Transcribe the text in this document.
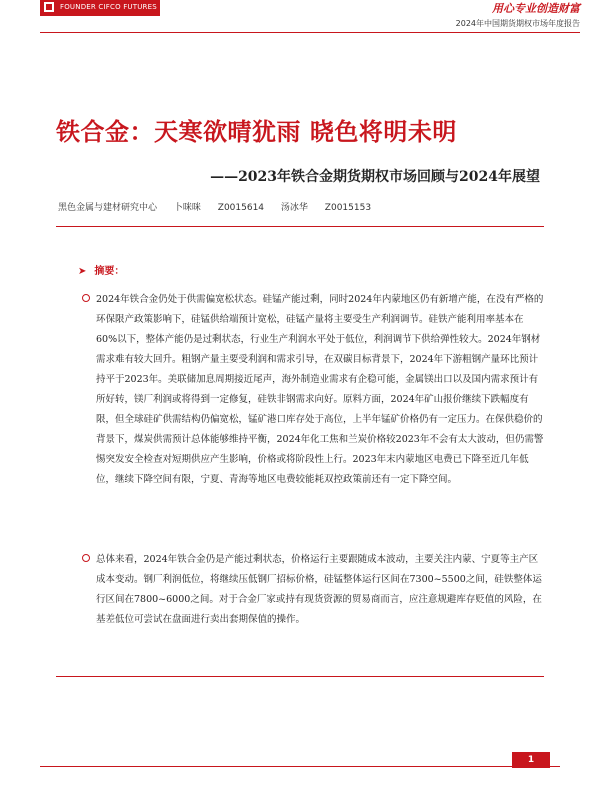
FOUNDER CIFCO FUTURES	用心专业创造财富
2024年中国期货期权市场年度报告
铁合金：天寒欲晴犹雨 晓色将明未明
——2023年铁合金期货期权市场回顾与2024年展望
黑色金属与建材研究中心 卜咪咪 Z0015614 汤冰华 Z0015153
➤ 摘要：
2024年铁合金仍处于供需偏宽松状态。硅锰产能过剩，同时2024年内蒙地区仍有新增产能，在没有严格的环保限产政策影响下，硅锰供给端预计宽松，硅锰产量将主要受生产利润调节。硅铁产能利用率基本在60%以下，整体产能仍是过剩状态，行业生产利润水平处于低位，利润调节下供给弹性较大。2024年钢材需求难有较大回升。粗钢产量主要受利润和需求引导，在双碳目标背景下，2024年下游粗钢产量环比预计持平于2023年。美联储加息周期接近尾声，海外制造业需求有企稳可能，金属镁出口以及国内需求预计有所好转，镁厂利润或将得到一定修复，硅铁非钢需求向好。原料方面，2024年矿山报价继续下跌幅度有限，但全球硅矿供需结构仍偏宽松，锰矿港口库存处于高位，上半年锰矿价格仍有一定压力。在保供稳价的背景下，煤炭供需预计总体能够维持平衡，2024年化工焦和兰炭价格较2023年不会有太大波动，但仍需警惕突发安全检查对短期供应产生影响，价格或将阶段性上行。2023年末内蒙地区电费已下降至近几年低位，继续下降空间有限，宁夏、青海等地区电费较能耗双控政策前还有一定下降空间。
总体来看，2024年铁合金仍是产能过剩状态，价格运行主要跟随成本波动，主要关注内蒙、宁夏等主产区成本变动。钢厂利润低位，将继续压低钢厂招标价格，硅锰整体运行区间在7300~5500之间，硅铁整体运行区间在7800~6000之间。对于合金厂家或持有现货资源的贸易商而言，应注意规避库存贬值的风险，在基差低位可尝试在盘面进行卖出套期保值的操作。
1
